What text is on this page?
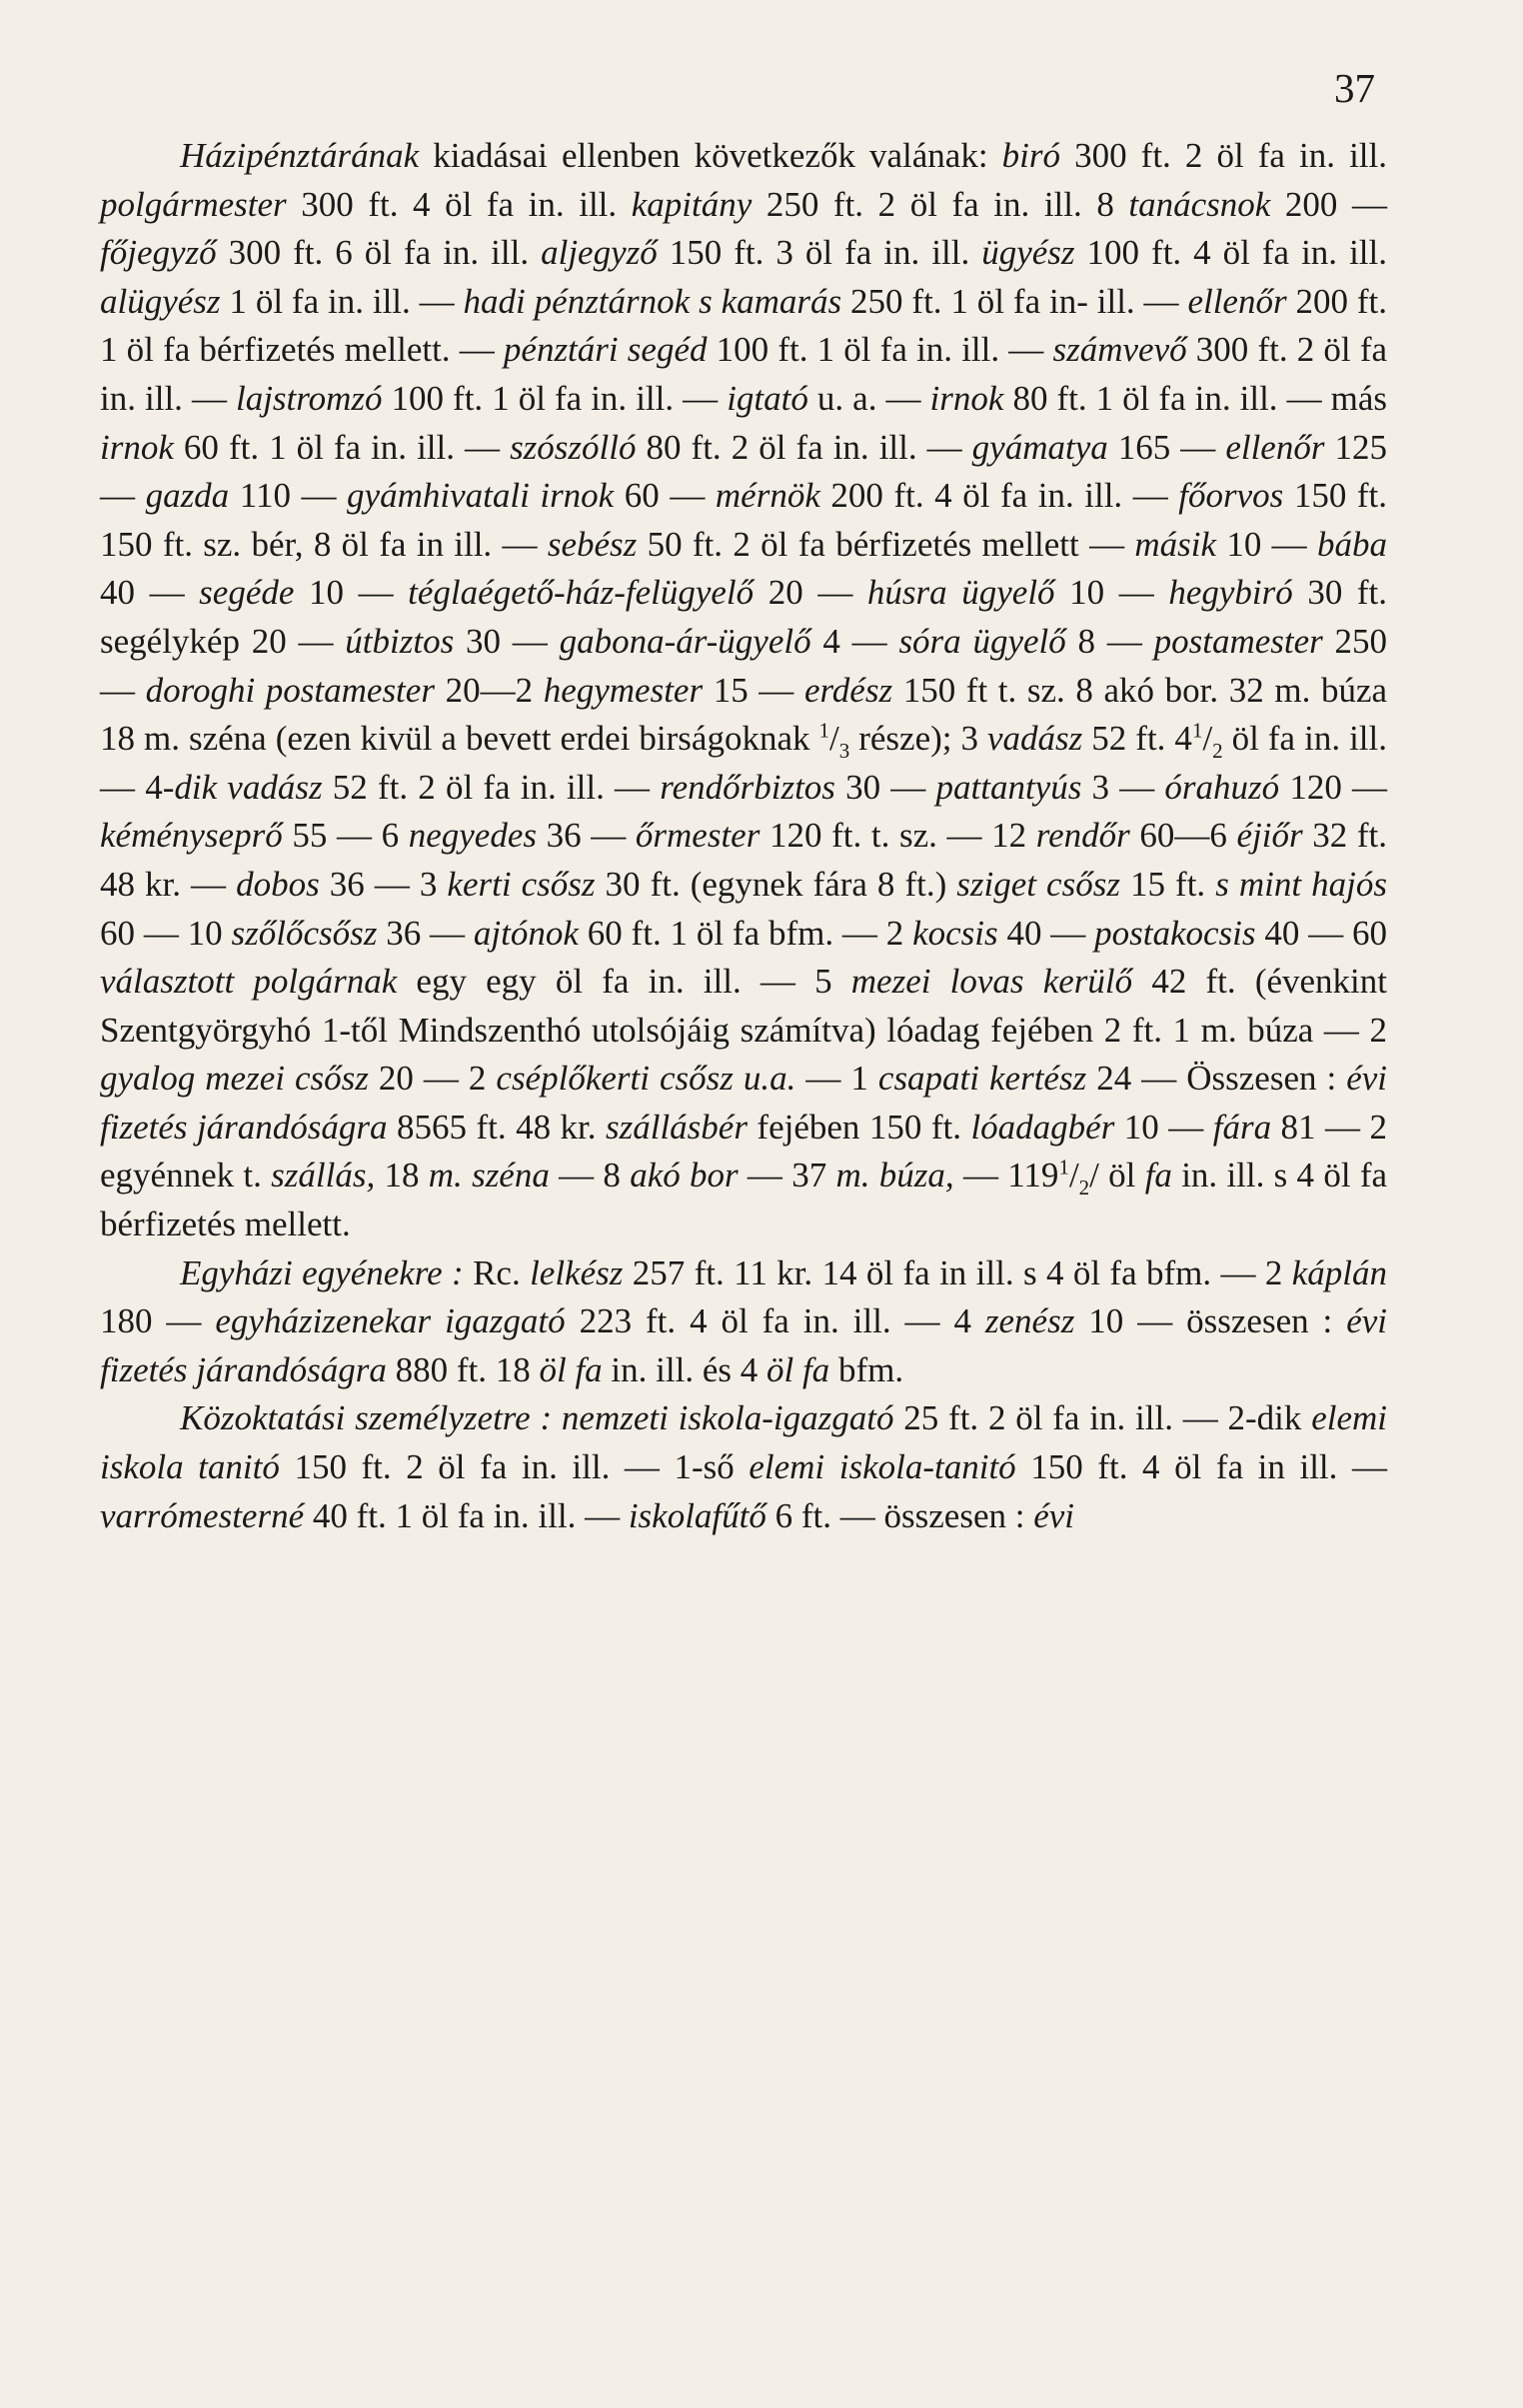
37

Házipénztárának kiadásai ellenben következők valának: biró 300 ft. 2 öl fa in. ill. polgármester 300 ft. 4 öl fa in. ill. kapitány 250 ft. 2 öl fa in. ill. 8 tanácsnok 200 — főjegyző 300 ft. 6 öl fa in. ill. aljegyző 150 ft. 3 öl fa in. ill. ügyész 100 ft. 4 öl fa in. ill. alügyész 1 öl fa in. ill. — hadi pénztárnok s kamarás 250 ft. 1 öl fa in- ill. — ellenőr 200 ft. 1 öl fa bérfizetés mellett. — pénztári segéd 100 ft. 1 öl fa in. ill. — számvevő 300 ft. 2 öl fa in. ill. — lajstromzó 100 ft. 1 öl fa in. ill. — igtató u. a. — irnok 80 ft. 1 öl fa in. ill. — más irnok 60 ft. 1 öl fa in. ill. — szószólló 80 ft. 2 öl fa in. ill. — gyámatya 165 — ellenőr 125 — gazda 110 — gyámhivatali irnok 60 — mérnök 200 ft. 4 öl fa in. ill. — főorvos 150 ft. 150 ft. sz. bér, 8 öl fa in ill. — sebész 50 ft. 2 öl fa bérfizetés mellett — másik 10 — bába 40 — segéde 10 — téglaégető-ház-felügyelő 20 — húsra ügyelő 10 — hegybiró 30 ft. segélykép 20 — útbiztos 30 — gabona-ár-ügyelő 4 — sóra ügyelő 8 — postamester 250 — doroghi postamester 20—2 hegymester 15 — erdész 150 ft t. sz. 8 akó bor. 32 m. búza 18 m. széna (ezen kivül a bevett erdei birságoknak $^1/_3$ része); 3 vadász 52 ft. $4^1/_2$ öl fa in. ill. — 4-dik vadász 52 ft. 2 öl fa in. ill. — rendőrbiztos 30 — pattantyús 3 — órahuzó 120 — kéményseprő 55 — 6 negyedes 36 — őrmester 120 ft. t. sz. — 12 rendőr 60—6 éjiőr 32 ft. 48 kr. — dobos 36 — 3 kerti csősz 30 ft. (egynek fára 8 ft.) sziget csősz 15 ft. s mint hajós 60 — 10 szőlőcsősz 36 — ajtónok 60 ft. 1 öl fa bfm. — 2 kocsis 40 — postakocsis 40 — 60 választott polgárnak egy egy öl fa in. ill. — 5 mezei lovas kerülő 42 ft. (évenkint Szentgyörgyhó 1-től Mindszenthó utolsójáig számítva) lóadag fejében 2 ft. 1 m. búza — 2 gyalog mezei csősz 20 — 2 cséplőkerti csősz u.a. — 1 csapati kertész 24 — Összesen : évi fizetés járandóságra 8565 ft. 48 kr. szállásbér fejében 150 ft. lóadagbér 10 — fára 81 — 2 egyénnek t. szállás, 18 m. széna — 8 akó bor — 37 m. búza, — $119^1/_2/$ öl fa in. ill. s 4 öl fa bérfizetés mellett.

Egyházi egyénekre : Rc. lelkész 257 ft. 11 kr. 14 öl fa in ill. s 4 öl fa bfm. — 2 káplán 180 — egyházizenekar igazgató 223 ft. 4 öl fa in. ill. — 4 zenész 10 — összesen : évi fizetés járandóságra 880 ft. 18 öl fa in. ill. és 4 öl fa bfm.

Közoktatási személyzetre : nemzeti iskola-igazgató 25 ft. 2 öl fa in. ill. — 2-dik elemi iskola tanitó 150 ft. 2 öl fa in. ill. — 1-ső elemi iskola-tanitó 150 ft. 4 öl fa in ill. — varrómesterné 40 ft. 1 öl fa in. ill. — iskolafűtő 6 ft. — összesen : évi
